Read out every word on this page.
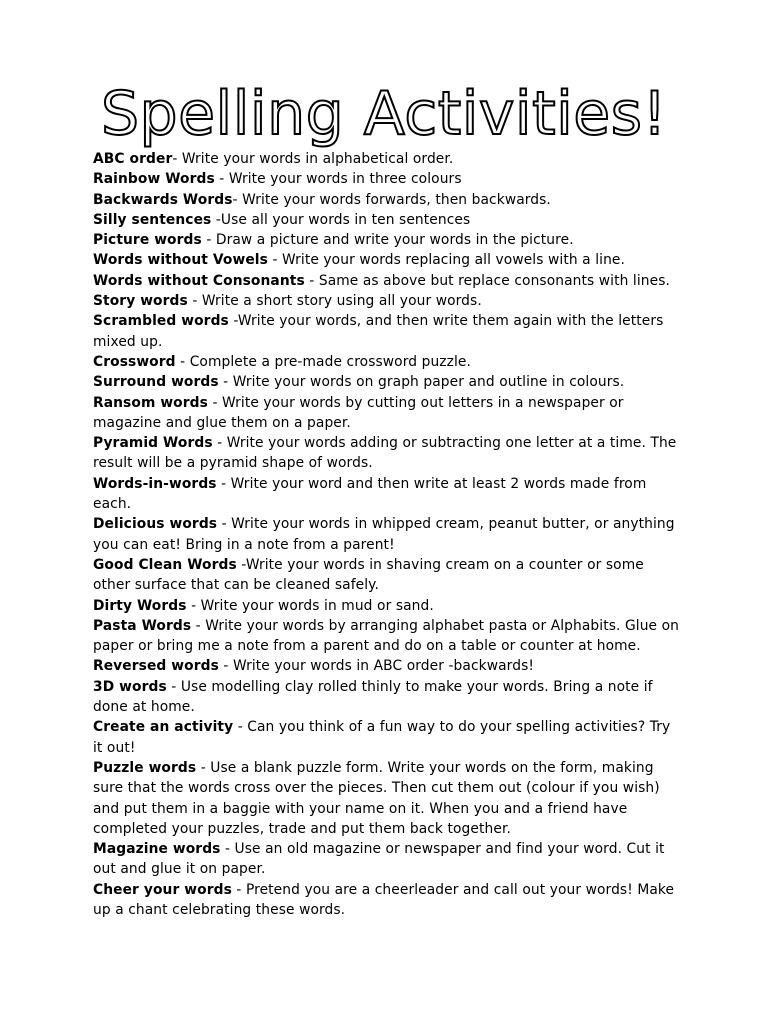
Spelling Activities!
ABC order- Write your words in alphabetical order.
Rainbow Words - Write your words in three colours
Backwards Words- Write your words forwards, then backwards.
Silly sentences -Use all your words in ten sentences
Picture words - Draw a picture and write your words in the picture.
Words without Vowels - Write your words replacing all vowels with a line.
Words without Consonants - Same as above but replace consonants with lines.
Story words - Write a short story using all your words.
Scrambled words -Write your words, and then write them again with the letters mixed up.
Crossword - Complete a pre-made crossword puzzle.
Surround words - Write your words on graph paper and outline in colours.
Ransom words - Write your words by cutting out letters in a newspaper or magazine and glue them on a paper.
Pyramid Words - Write your words adding or subtracting one letter at a time. The result will be a pyramid shape of words.
Words-in-words - Write your word and then write at least 2 words made from each.
Delicious words - Write your words in whipped cream, peanut butter, or anything you can eat! Bring in a note from a parent!
Good Clean Words -Write your words in shaving cream on a counter or some other surface that can be cleaned safely.
Dirty Words - Write your words in mud or sand.
Pasta Words - Write your words by arranging alphabet pasta or Alphabits. Glue on paper or bring me a note from a parent and do on a table or counter at home.
Reversed words - Write your words in ABC order -backwards!
3D words - Use modelling clay rolled thinly to make your words. Bring a note if done at home.
Create an activity - Can you think of a fun way to do your spelling activities? Try it out!
Puzzle words - Use a blank puzzle form. Write your words on the form, making sure that the words cross over the pieces. Then cut them out (colour if you wish) and put them in a baggie with your name on it. When you and a friend have completed your puzzles, trade and put them back together.
Magazine words - Use an old magazine or newspaper and find your word. Cut it out and glue it on paper.
Cheer your words - Pretend you are a cheerleader and call out your words! Make up a chant celebrating these words.
